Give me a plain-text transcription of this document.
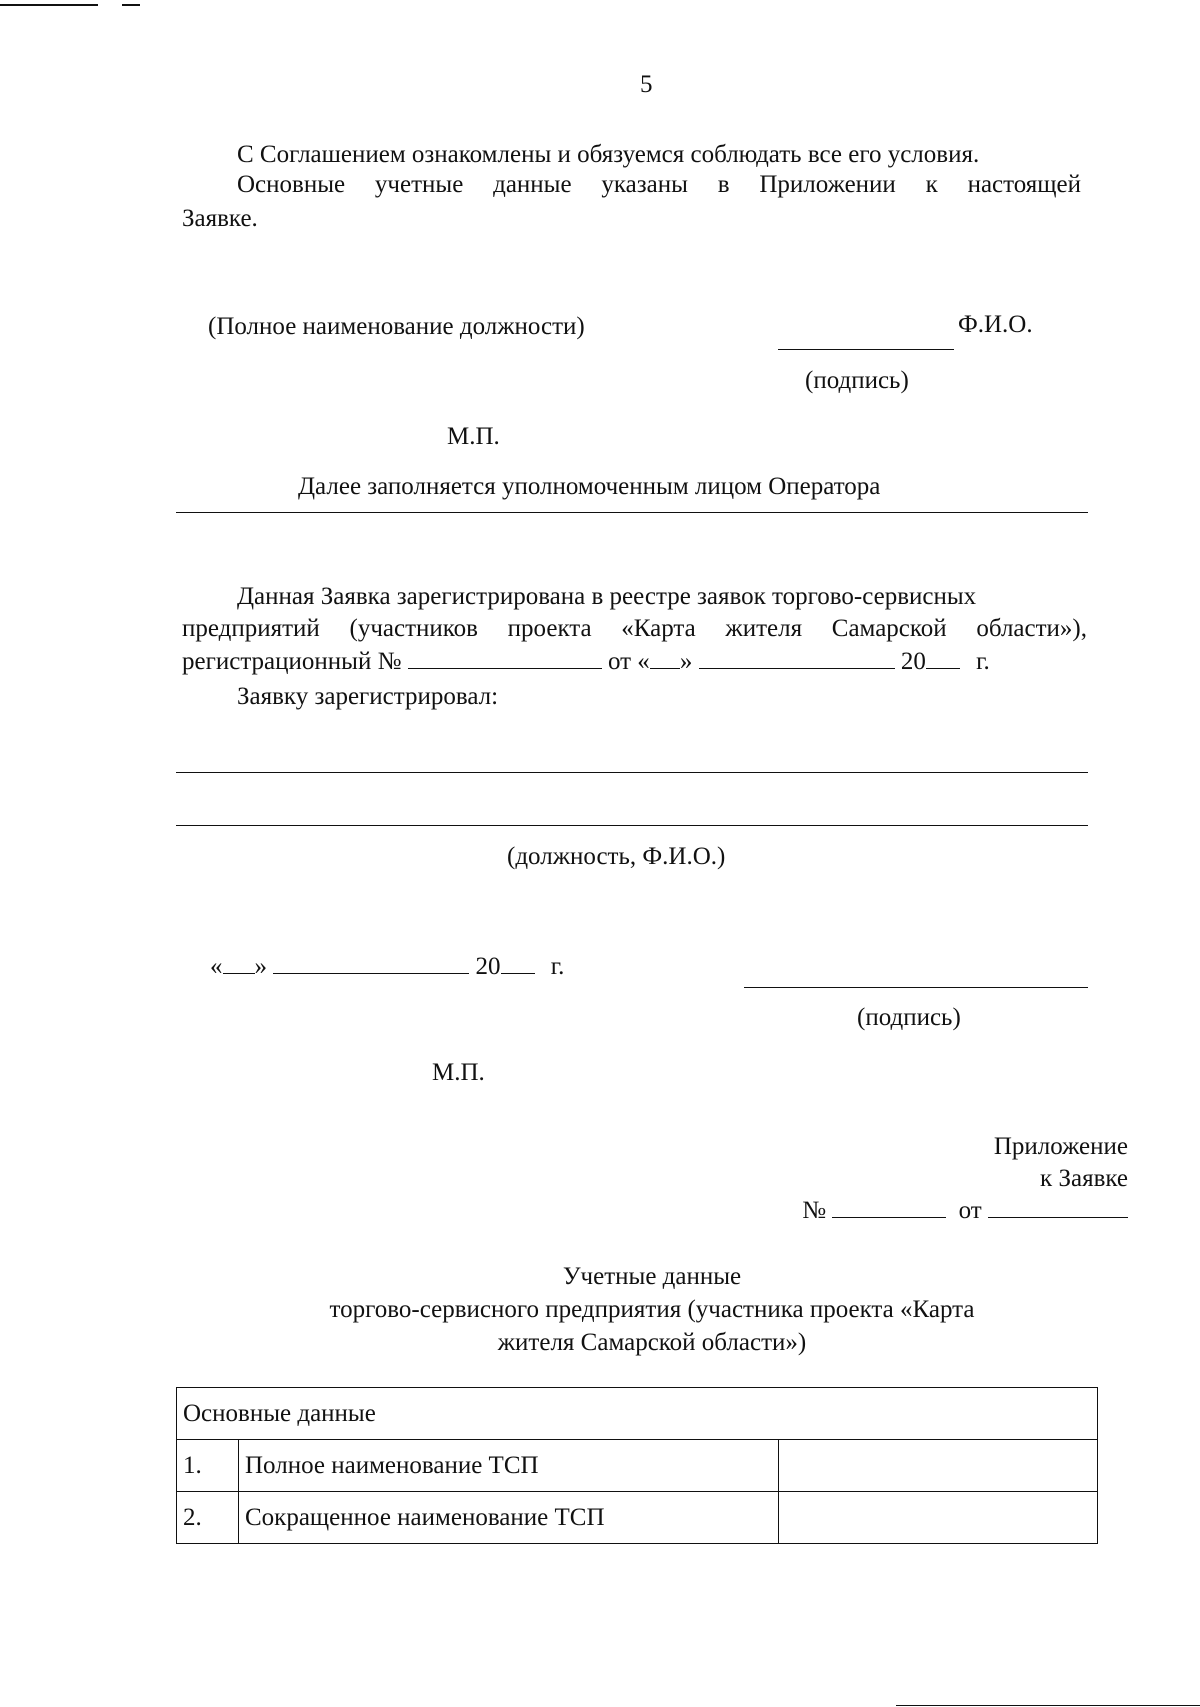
5
С Соглашением ознакомлены и обязуемся соблюдать все его условия.
Основные учетные данные указаны в Приложении к настоящей
Заявке.
(Полное наименование должности)	Ф.И.О.
(подпись)
М.П.
Далее заполняется уполномоченным лицом Оператора
Данная Заявка зарегистрирована в реестре заявок торгово-сервисных
предприятий (участников проекта «Карта жителя Самарской области»),
регистрационный №	от « »	20 г.
Заявку зарегистрировал:
(должность, Ф.И.О.)
« »	20 г.
(подпись)
М.П.
Приложение
к Заявке
№	от
Учетные данные
торгово-сервисного предприятия (участника проекта «Карта
жителя Самарской области»)
Основные данные		
1.	Полное наименование ТСП	
2.	Сокращенное наименование ТСП	
